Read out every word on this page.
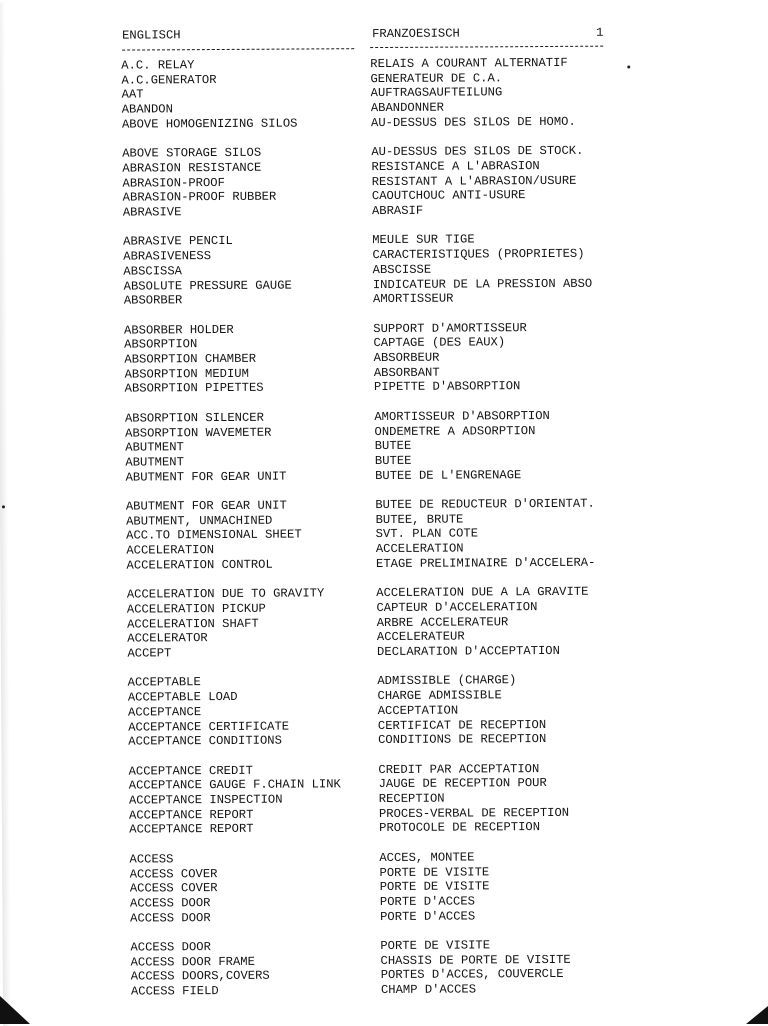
ENGLISCH

	FRANZOESISCH

	1

A.C. RELAY	RELAIS A COURANT ALTERNATIF
A.C.GENERATOR	GENERATEUR DE C.A.
AAT	AUFTRAGSAUFTEILUNG
ABANDON	ABANDONNER
ABOVE HOMOGENIZING SILOS	AU-DESSUS DES SILOS DE HOMO.
ABOVE STORAGE SILOS	AU-DESSUS DES SILOS DE STOCK.
ABRASION RESISTANCE	RESISTANCE A L'ABRASION
ABRASION-PROOF	RESISTANT A L'ABRASION/USURE
ABRASION-PROOF RUBBER	CAOUTCHOUC ANTI-USURE
ABRASIVE	ABRASIF
ABRASIVE PENCIL	MEULE SUR TIGE
ABRASIVENESS	CARACTERISTIQUES (PROPRIETES)
ABSCISSA	ABSCISSE
ABSOLUTE PRESSURE GAUGE	INDICATEUR DE LA PRESSION ABSO
ABSORBER	AMORTISSEUR
ABSORBER HOLDER	SUPPORT D'AMORTISSEUR
ABSORPTION	CAPTAGE (DES EAUX)
ABSORPTION CHAMBER	ABSORBEUR
ABSORPTION MEDIUM	ABSORBANT
ABSORPTION PIPETTES	PIPETTE D'ABSORPTION
ABSORPTION SILENCER	AMORTISSEUR D'ABSORPTION
ABSORPTION WAVEMETER	ONDEMETRE A ADSORPTION
ABUTMENT	BUTEE
ABUTMENT	BUTEE
ABUTMENT FOR GEAR UNIT	BUTEE DE L'ENGRENAGE
ABUTMENT FOR GEAR UNIT	BUTEE DE REDUCTEUR D'ORIENTAT.
ABUTMENT, UNMACHINED	BUTEE, BRUTE
ACC.TO DIMENSIONAL SHEET	SVT. PLAN COTE
ACCELERATION	ACCELERATION
ACCELERATION CONTROL	ETAGE PRELIMINAIRE D'ACCELERA-
ACCELERATION DUE TO GRAVITY	ACCELERATION DUE A LA GRAVITE
ACCELERATION PICKUP	CAPTEUR D'ACCELERATION
ACCELERATION SHAFT	ARBRE ACCELERATEUR
ACCELERATOR	ACCELERATEUR
ACCEPT	DECLARATION D'ACCEPTATION
ACCEPTABLE	ADMISSIBLE (CHARGE)
ACCEPTABLE LOAD	CHARGE ADMISSIBLE
ACCEPTANCE	ACCEPTATION
ACCEPTANCE CERTIFICATE	CERTIFICAT DE RECEPTION
ACCEPTANCE CONDITIONS	CONDITIONS DE RECEPTION
ACCEPTANCE CREDIT	CREDIT PAR ACCEPTATION
ACCEPTANCE GAUGE F.CHAIN LINK	JAUGE DE RECEPTION POUR
ACCEPTANCE INSPECTION	RECEPTION
ACCEPTANCE REPORT	PROCES-VERBAL DE RECEPTION
ACCEPTANCE REPORT	PROTOCOLE DE RECEPTION
ACCESS	ACCES, MONTEE
ACCESS COVER	PORTE DE VISITE
ACCESS COVER	PORTE DE VISITE
ACCESS DOOR	PORTE D'ACCES
ACCESS DOOR	PORTE D'ACCES
ACCESS DOOR	PORTE DE VISITE
ACCESS DOOR FRAME	CHASSIS DE PORTE DE VISITE
ACCESS DOORS,COVERS	PORTES D'ACCES, COUVERCLE
ACCESS FIELD	CHAMP D'ACCES
